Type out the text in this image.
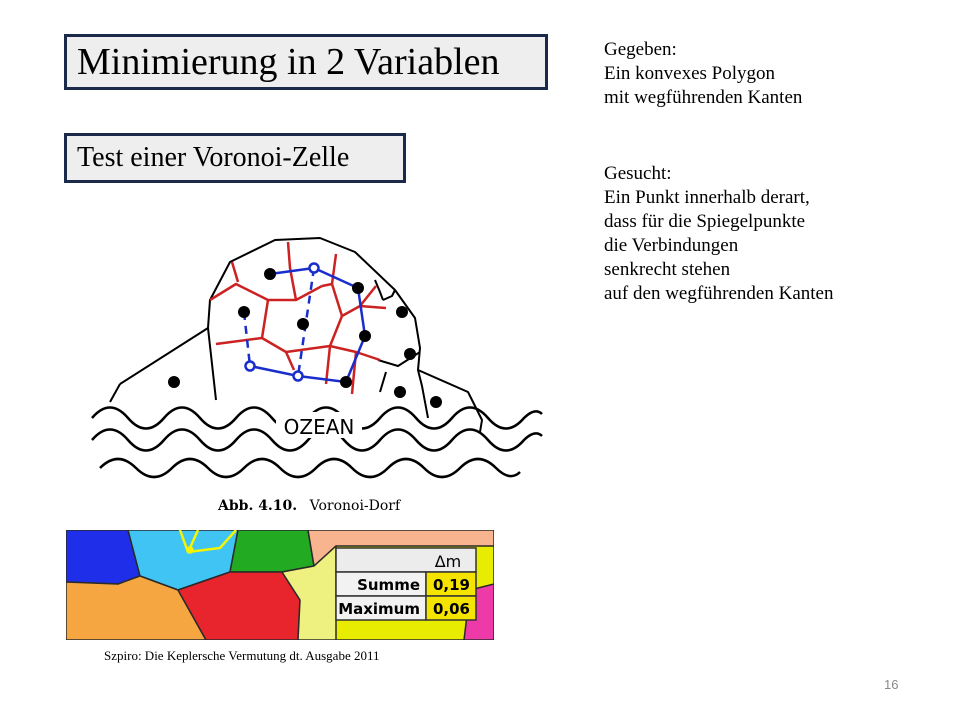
Minimierung in 2 Variablen
Test einer Voronoi-Zelle
Gegeben:
Ein konvexes Polygon
mit wegführenden Kanten
Gesucht:
Ein Punkt innerhalb derart,
dass für die Spiegelpunkte
die Verbindungen
senkrecht stehen
auf den wegführenden Kanten
OZEAN
Abb. 4.10. Voronoi-Dorf
Δm
Summe 0,19
Maximum 0,06
Szpiro: Die Keplersche Vermutung dt. Ausgabe 2011
16
